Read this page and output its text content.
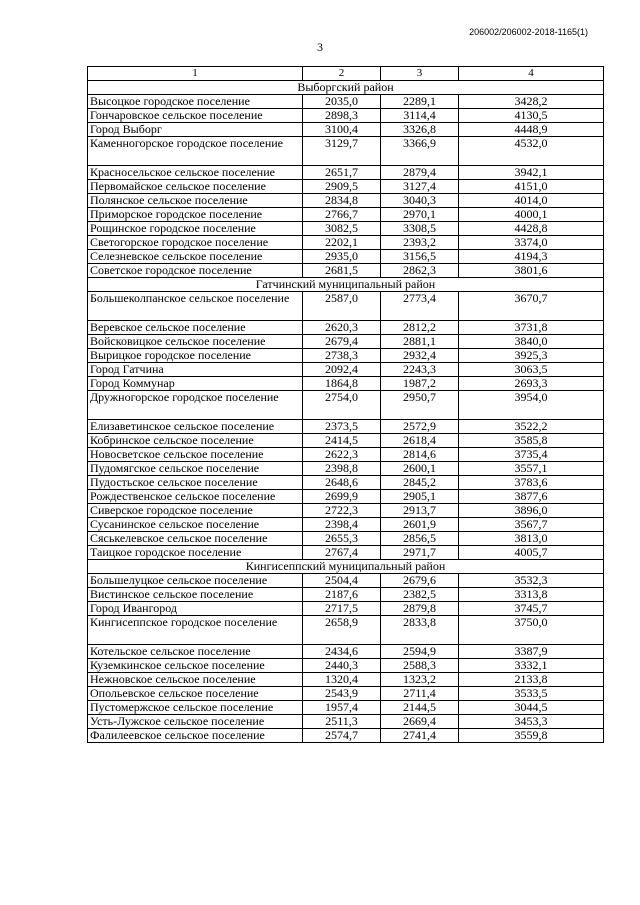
206002/206002-2018-1165(1)
3
1	2	3	4
Выборгский район			
Высоцкое городское поселение	2035,0	2289,1	3428,2
Гончаровское сельское поселение	2898,3	3114,4	4130,5
Город Выборг	3100,4	3326,8	4448,9
Каменногорское городское поселение	3129,7	3366,9	4532,0
Красносельское сельское поселение	2651,7	2879,4	3942,1
Первомайское сельское поселение	2909,5	3127,4	4151,0
Полянское сельское поселение	2834,8	3040,3	4014,0
Приморское городское поселение	2766,7	2970,1	4000,1
Рощинское городское поселение	3082,5	3308,5	4428,8
Светогорское городское поселение	2202,1	2393,2	3374,0
Селезневское сельское поселение	2935,0	3156,5	4194,3
Советское городское поселение	2681,5	2862,3	3801,6
Гатчинский муниципальный район			
Большеколпанское сельское поселение	2587,0	2773,4	3670,7
Веревское сельское поселение	2620,3	2812,2	3731,8
Войсковицкое сельское поселение	2679,4	2881,1	3840,0
Вырицкое городское поселение	2738,3	2932,4	3925,3
Город Гатчина	2092,4	2243,3	3063,5
Город Коммунар	1864,8	1987,2	2693,3
Дружногорское городское поселение	2754,0	2950,7	3954,0
Елизаветинское сельское поселение	2373,5	2572,9	3522,2
Кобринское сельское поселение	2414,5	2618,4	3585,8
Новосветское сельское поселение	2622,3	2814,6	3735,4
Пудомягское сельское поселение	2398,8	2600,1	3557,1
Пудостьское сельское поселение	2648,6	2845,2	3783,6
Рождественское сельское поселение	2699,9	2905,1	3877,6
Сиверское городское поселение	2722,3	2913,7	3896,0
Сусанинское сельское поселение	2398,4	2601,9	3567,7
Сяськелевское сельское поселение	2655,3	2856,5	3813,0
Таицкое городское поселение	2767,4	2971,7	4005,7
Кингисеппский муниципальный район			
Большелуцкое сельское поселение	2504,4	2679,6	3532,3
Вистинское сельское поселение	2187,6	2382,5	3313,8
Город Ивангород	2717,5	2879,8	3745,7
Кингисеппское городское поселение	2658,9	2833,8	3750,0
Котельское сельское поселение	2434,6	2594,9	3387,9
Куземкинское сельское поселение	2440,3	2588,3	3332,1
Нежновское сельское поселение	1320,4	1323,2	2133,8
Опольевское сельское поселение	2543,9	2711,4	3533,5
Пустомержское сельское поселение	1957,4	2144,5	3044,5
Усть-Лужское сельское поселение	2511,3	2669,4	3453,3
Фалилеевское сельское поселение	2574,7	2741,4	3559,8
